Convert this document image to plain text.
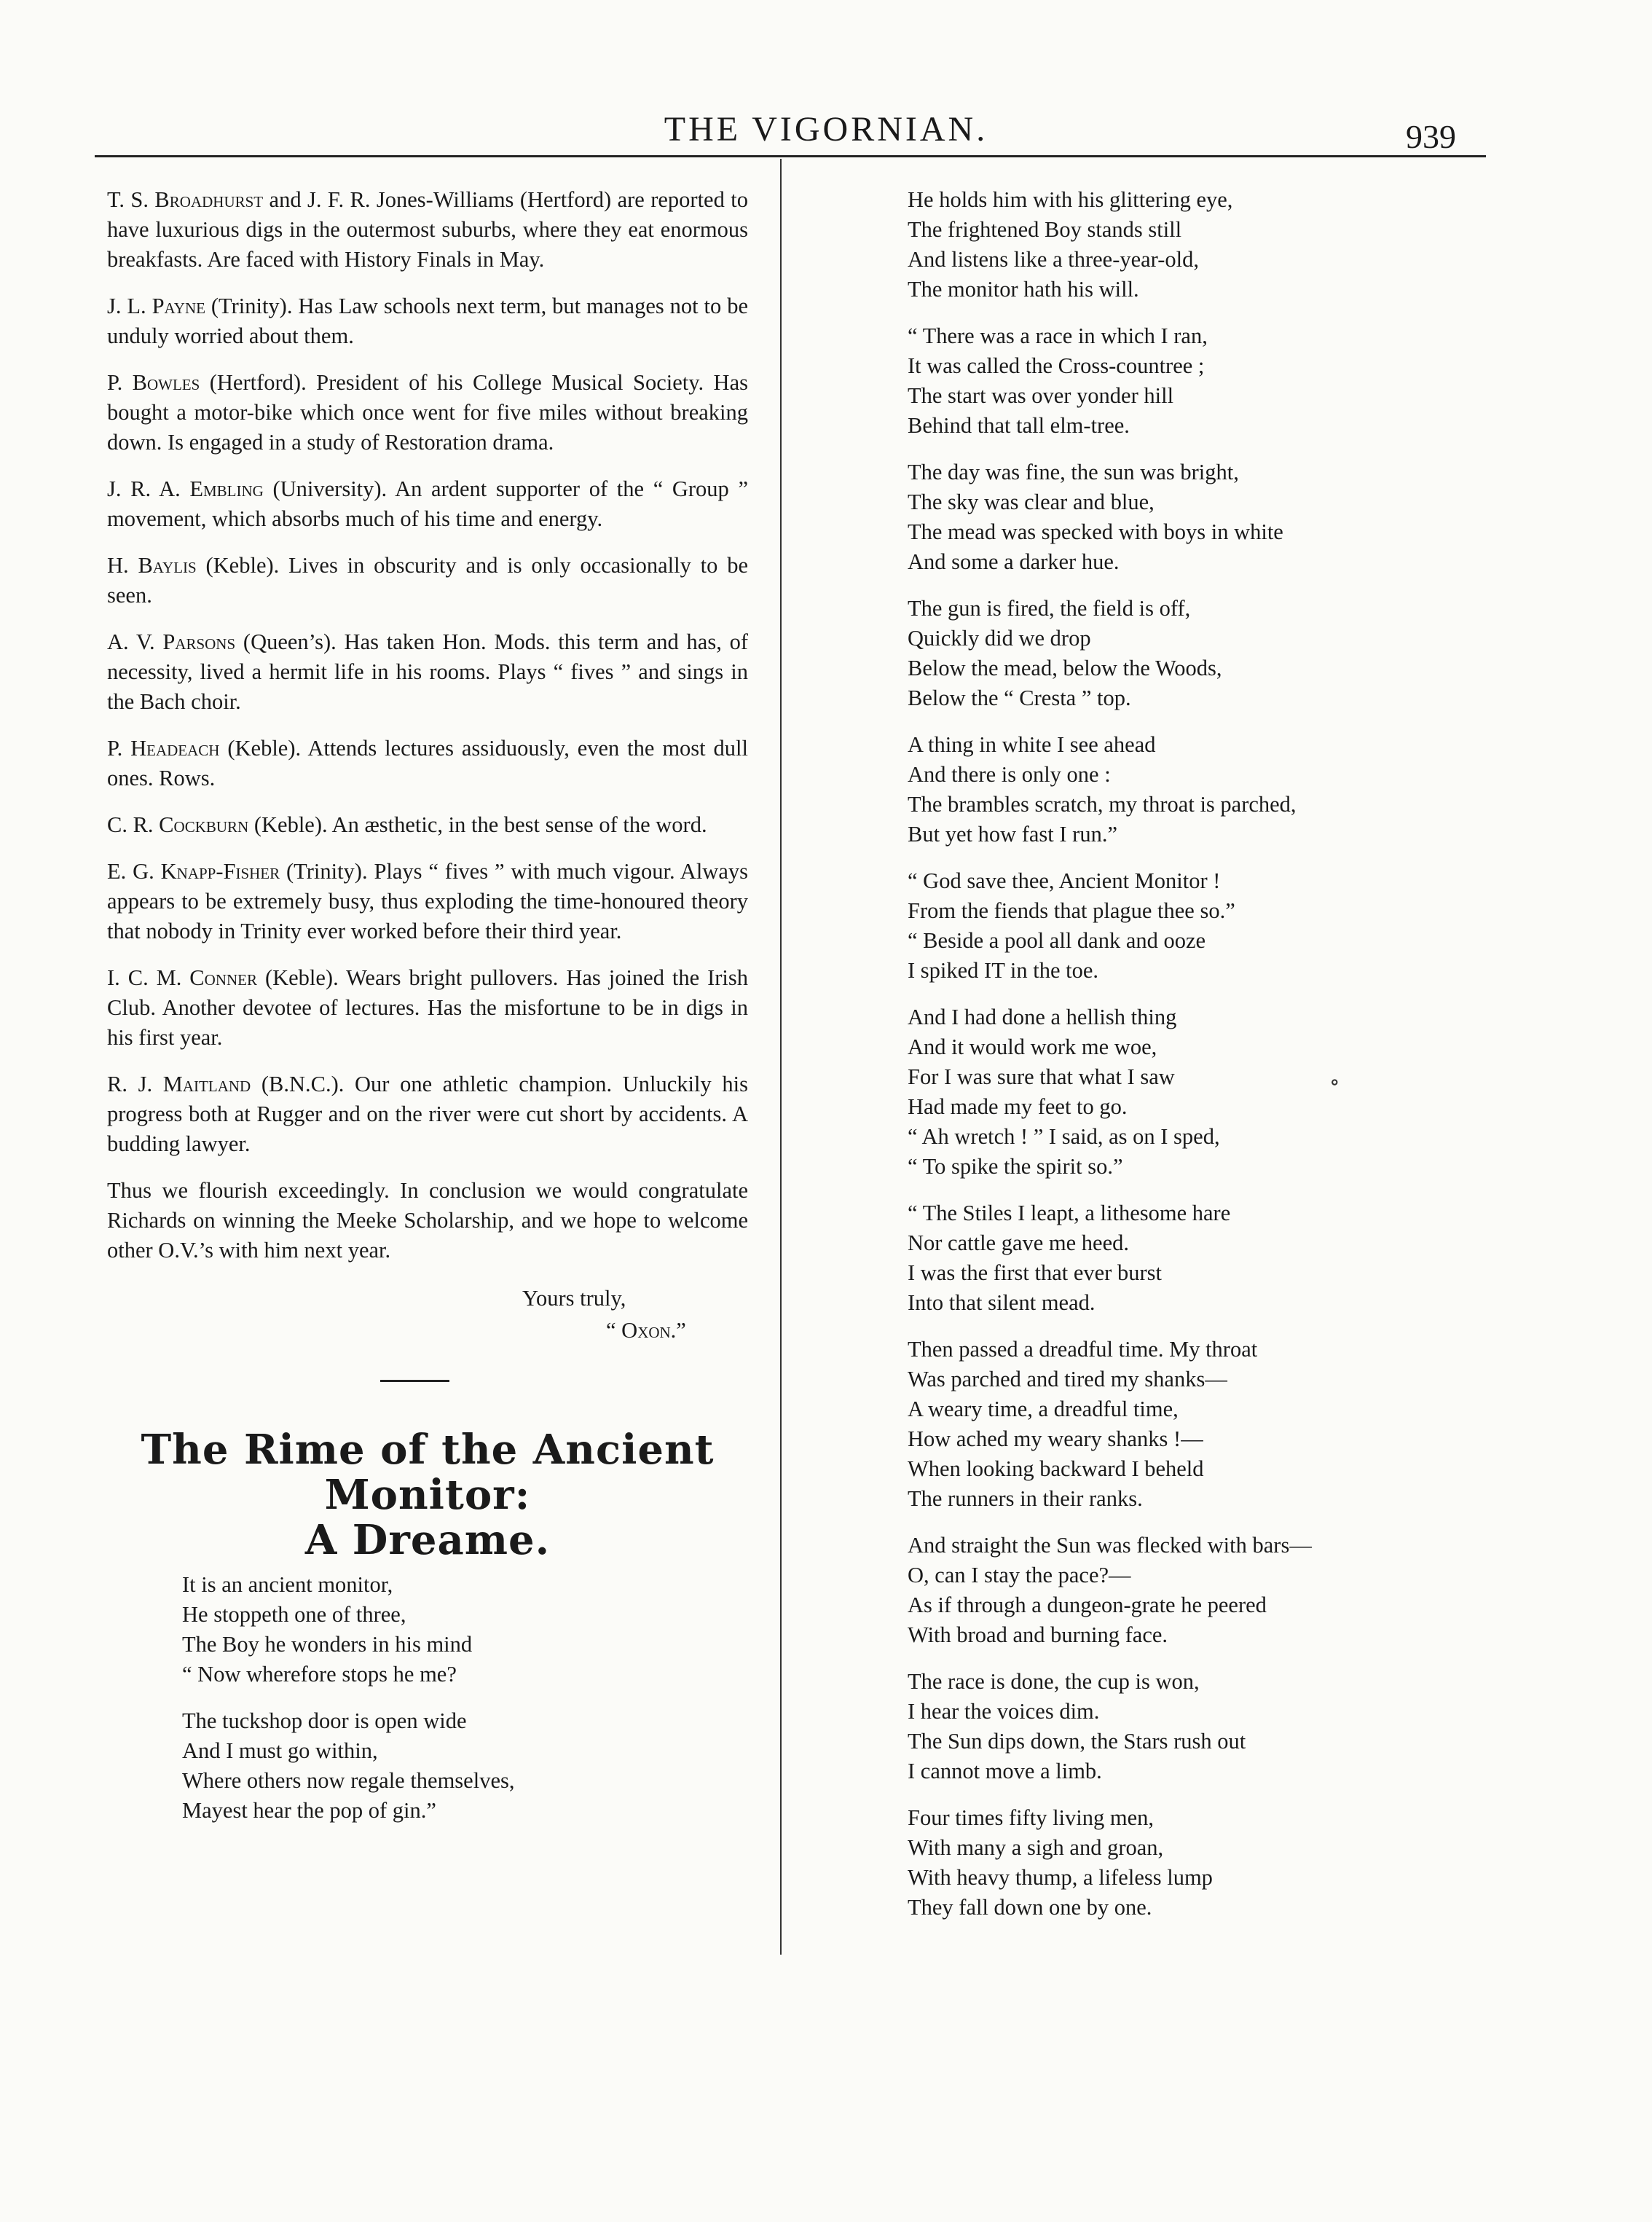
THE VIGORNIAN.	939

T. S. Broadhurst and J. F. R. Jones-Williams (Hertford) are reported to have luxurious digs in the outermost suburbs, where they eat enormous breakfasts. Are faced with History Finals in May.

J. L. Payne (Trinity). Has Law schools next term, but manages not to be unduly worried about them.

P. Bowles (Hertford). President of his College Musical Society. Has bought a motor-bike which once went for five miles without breaking down. Is engaged in a study of Restoration drama.

J. R. A. Embling (University). An ardent supporter of the “ Group ” movement, which absorbs much of his time and energy.

H. Baylis (Keble). Lives in obscurity and is only occasionally to be seen.

A. V. Parsons (Queen’s). Has taken Hon. Mods. this term and has, of necessity, lived a hermit life in his rooms. Plays “ fives ” and sings in the Bach choir.

P. Headeach (Keble). Attends lectures assiduously, even the most dull ones. Rows.

C. R. Cockburn (Keble). An æsthetic, in the best sense of the word.

E. G. Knapp-Fisher (Trinity). Plays “ fives ” with much vigour. Always appears to be extremely busy, thus exploding the time-honoured theory that nobody in Trinity ever worked before their third year.

I. C. M. Conner (Keble). Wears bright pullovers. Has joined the Irish Club. Another devotee of lectures. Has the misfortune to be in digs in his first year.

R. J. Maitland (B.N.C.). Our one athletic champion. Unluckily his progress both at Rugger and on the river were cut short by accidents. A budding lawyer.

Thus we flourish exceedingly. In conclusion we would congratulate Richards on winning the Meeke Scholarship, and we hope to welcome other O.V.’s with him next year.

Yours truly,
“ Oxon.”
The Rime of the Ancient Monitor:
A Dreame.
It is an ancient monitor,
He stoppeth one of three,
The Boy he wonders in his mind
“ Now wherefore stops he me?
The tuckshop door is open wide
And I must go within,
Where others now regale themselves,
Mayest hear the pop of gin.”
He holds him with his glittering eye,
The frightened Boy stands still
And listens like a three-year-old,
The monitor hath his will.
“ There was a race in which I ran,
It was called the Cross-countree ;
The start was over yonder hill
Behind that tall elm-tree.
The day was fine, the sun was bright,
The sky was clear and blue,
The mead was specked with boys in white
And some a darker hue.
The gun is fired, the field is off,
Quickly did we drop
Below the mead, below the Woods,
Below the “ Cresta ” top.
A thing in white I see ahead
And there is only one :
The brambles scratch, my throat is parched,
But yet how fast I run.”
“ God save thee, Ancient Monitor !
From the fiends that plague thee so.”
“ Beside a pool all dank and ooze
I spiked IT in the toe.
And I had done a hellish thing
And it would work me woe,
For I was sure that what I saw
Had made my feet to go.
“ Ah wretch ! ” I said, as on I sped,
“ To spike the spirit so.”
“ The Stiles I leapt, a lithesome hare
Nor cattle gave me heed.
I was the first that ever burst
Into that silent mead.
Then passed a dreadful time. My throat
Was parched and tired my shanks—
A weary time, a dreadful time,
How ached my weary shanks !—
When looking backward I beheld
The runners in their ranks.
And straight the Sun was flecked with bars—
O, can I stay the pace?—
As if through a dungeon-grate he peered
With broad and burning face.
The race is done, the cup is won,
I hear the voices dim.
The Sun dips down, the Stars rush out
I cannot move a limb.
Four times fifty living men,
With many a sigh and groan,
With heavy thump, a lifeless lump
They fall down one by one.
∘
